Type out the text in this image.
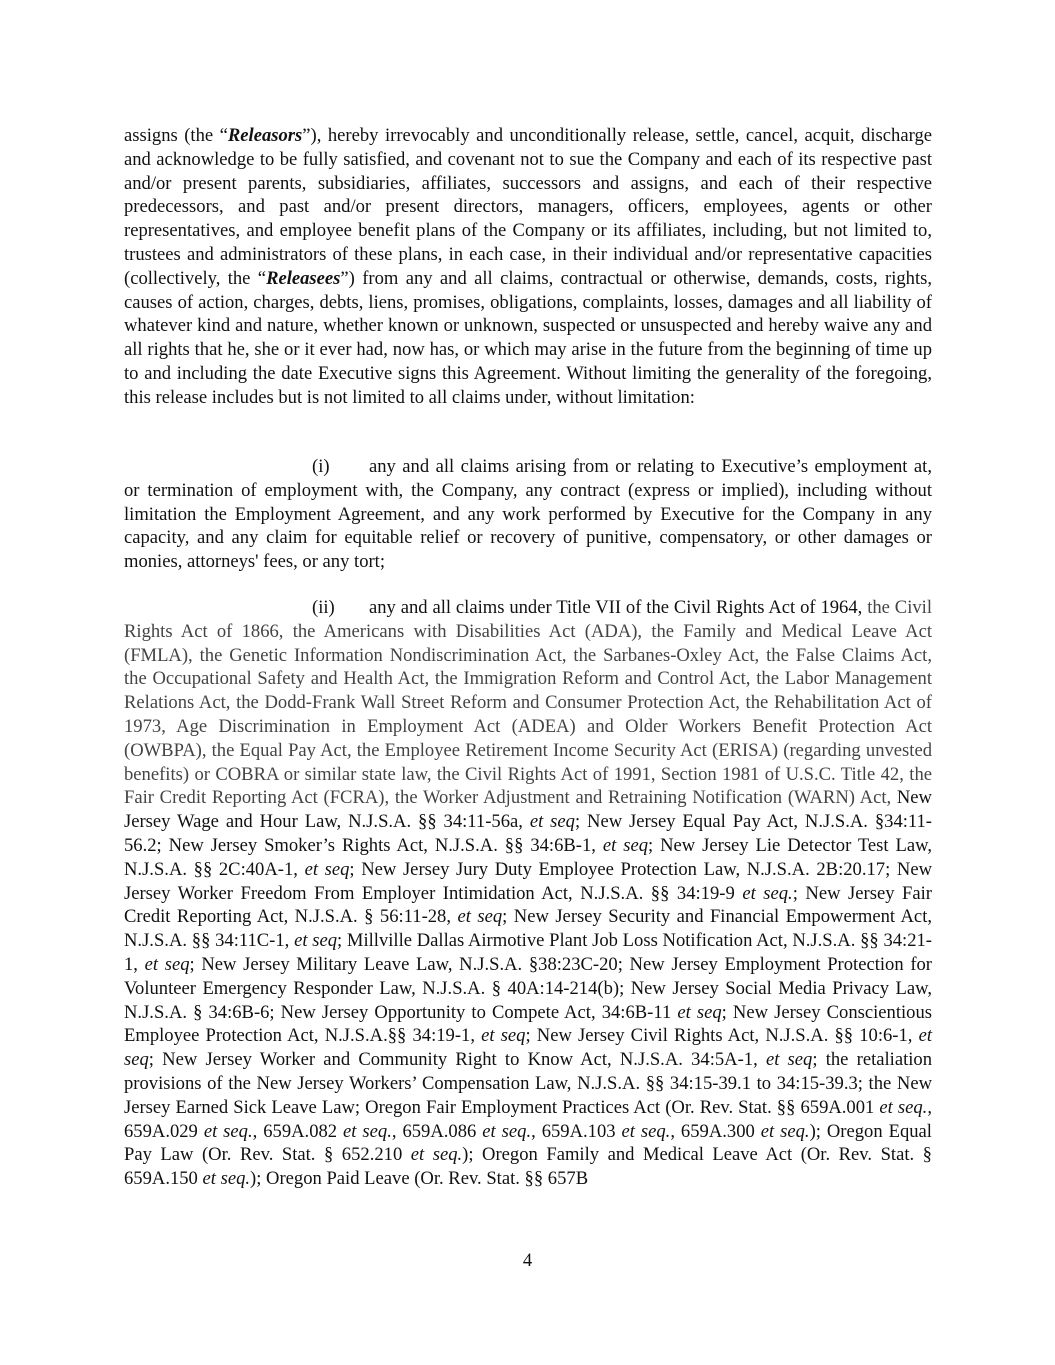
assigns (the “Releasors”), hereby irrevocably and unconditionally release, settle, cancel, acquit, discharge and acknowledge to be fully satisfied, and covenant not to sue the Company and each of its respective past and/or present parents, subsidiaries, affiliates, successors and assigns, and each of their respective predecessors, and past and/or present directors, managers, officers, employees, agents or other representatives, and employee benefit plans of the Company or its affiliates, including, but not limited to, trustees and administrators of these plans, in each case, in their individual and/or representative capacities (collectively, the “Releasees”) from any and all claims, contractual or otherwise, demands, costs, rights, causes of action, charges, debts, liens, promises, obligations, complaints, losses, damages and all liability of whatever kind and nature, whether known or unknown, suspected or unsuspected and hereby waive any and all rights that he, she or it ever had, now has, or which may arise in the future from the beginning of time up to and including the date Executive signs this Agreement. Without limiting the generality of the foregoing, this release includes but is not limited to all claims under, without limitation:

(i) any and all claims arising from or relating to Executive’s employment at, or termination of employment with, the Company, any contract (express or implied), including without limitation the Employment Agreement, and any work performed by Executive for the Company in any capacity, and any claim for equitable relief or recovery of punitive, compensatory, or other damages or monies, attorneys' fees, or any tort;

(ii) any and all claims under Title VII of the Civil Rights Act of 1964, the Civil Rights Act of 1866, the Americans with Disabilities Act (ADA), the Family and Medical Leave Act (FMLA), the Genetic Information Nondiscrimination Act, the Sarbanes-Oxley Act, the False Claims Act, the Occupational Safety and Health Act, the Immigration Reform and Control Act, the Labor Management Relations Act, the Dodd-Frank Wall Street Reform and Consumer Protection Act, the Rehabilitation Act of 1973, Age Discrimination in Employment Act (ADEA) and Older Workers Benefit Protection Act (OWBPA), the Equal Pay Act, the Employee Retirement Income Security Act (ERISA) (regarding unvested benefits) or COBRA or similar state law, the Civil Rights Act of 1991, Section 1981 of U.S.C. Title 42, the Fair Credit Reporting Act (FCRA), the Worker Adjustment and Retraining Notification (WARN) Act, New Jersey Wage and Hour Law, N.J.S.A. §§ 34:11-56a, et seq; New Jersey Equal Pay Act, N.J.S.A. §34:11-56.2; New Jersey Smoker’s Rights Act, N.J.S.A. §§ 34:6B-1, et seq; New Jersey Lie Detector Test Law, N.J.S.A. §§ 2C:40A-1, et seq; New Jersey Jury Duty Employee Protection Law, N.J.S.A. 2B:20.17; New Jersey Worker Freedom From Employer Intimidation Act, N.J.S.A. §§ 34:19-9 et seq.; New Jersey Fair Credit Reporting Act, N.J.S.A. § 56:11-28, et seq; New Jersey Security and Financial Empowerment Act, N.J.S.A. §§ 34:11C-1, et seq; Millville Dallas Airmotive Plant Job Loss Notification Act, N.J.S.A. §§ 34:21-1, et seq; New Jersey Military Leave Law, N.J.S.A. §38:23C-20; New Jersey Employment Protection for Volunteer Emergency Responder Law, N.J.S.A. § 40A:14-214(b); New Jersey Social Media Privacy Law, N.J.S.A. § 34:6B-6; New Jersey Opportunity to Compete Act, 34:6B-11 et seq; New Jersey Conscientious Employee Protection Act, N.J.S.A.§§ 34:19-1, et seq; New Jersey Civil Rights Act, N.J.S.A. §§ 10:6-1, et seq; New Jersey Worker and Community Right to Know Act, N.J.S.A. 34:5A-1, et seq; the retaliation provisions of the New Jersey Workers’ Compensation Law, N.J.S.A. §§ 34:15-39.1 to 34:15-39.3; the New Jersey Earned Sick Leave Law; Oregon Fair Employment Practices Act (Or. Rev. Stat. §§ 659A.001 et seq., 659A.029 et seq., 659A.082 et seq., 659A.086 et seq., 659A.103 et seq., 659A.300 et seq.); Oregon Equal Pay Law (Or. Rev. Stat. § 652.210 et seq.); Oregon Family and Medical Leave Act (Or. Rev. Stat. § 659A.150 et seq.); Oregon Paid Leave (Or. Rev. Stat. §§ 657B

4
